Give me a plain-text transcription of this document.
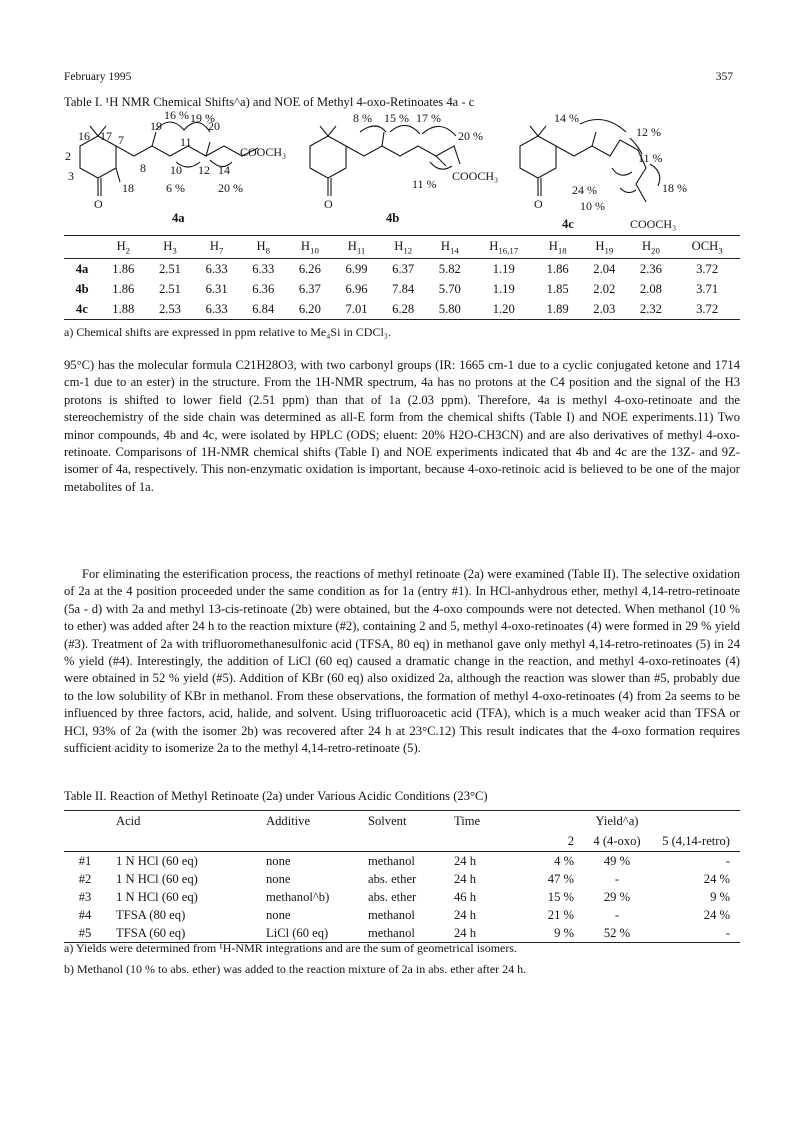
February 1995	357
Table I. ¹H NMR Chemical Shifts^a) and NOE of Methyl 4-oxo-Retinoates 4a - c
16 17 7
2
3
18
8 10 12 14
19	20
11
16 % 19 %
6 %	20 %
COOCH₃
O
8 % 15 % 17 %
20 %
11 %
COOCH₃
O
14 %
12 %
11 %
24 %
10 %
18 %
COOCH₃
O
4a	4b	4c
	$H_2$	$H_3$	$H_7$	$H_8$	$H_{10}$	$H_{11}$	$H_{12}$	$H_{14}$	$H_{16,17}$	$H_{18}$	$H_{19}$	$H_{20}$	$OCH_3$
4a	1.86	2.51	6.33	6.33	6.26	6.99	6.37	5.82	1.19	1.86	2.04	2.36	3.72
4b	1.86	2.51	6.31	6.36	6.37	6.96	7.84	5.70	1.19	1.85	2.02	2.08	3.71
4c	1.88	2.53	6.33	6.84	6.20	7.01	6.28	5.80	1.20	1.89	2.03	2.32	3.72
a) Chemical shifts are expressed in ppm relative to Me₄Si in CDCl₃.

95°C) has the molecular formula C21H28O3, with two carbonyl groups (IR: 1665 cm-1 due to a cyclic conjugated ketone and 1714 cm-1 due to an ester) in the structure. From the 1H-NMR spectrum, 4a has no protons at the C4 position and the signal of the H3 protons is shifted to lower field (2.51 ppm) than that of 1a (2.03 ppm). Therefore, 4a is methyl 4-oxo-retinoate and the stereochemistry of the side chain was determined as all-E form from the chemical shifts (Table I) and NOE experiments.11) Two minor compounds, 4b and 4c, were isolated by HPLC (ODS; eluent: 20% H2O-CH3CN) and are also derivatives of methyl 4-oxo-retinoate. Comparisons of 1H-NMR chemical shifts (Table I) and NOE experiments indicated that 4b and 4c are the 13Z- and 9Z-isomer of 4a, respectively. This non-enzymatic oxidation is important, because 4-oxo-retinoic acid is believed to be one of the major metabolites of 1a.

For eliminating the esterification process, the reactions of methyl retinoate (2a) were examined (Table II). The selective oxidation of 2a at the 4 position proceeded under the same condition as for 1a (entry #1). In HCl-anhydrous ether, methyl 4,14-retro-retinoate (5a - d) with 2a and methyl 13-cis-retinoate (2b) were obtained, but the 4-oxo compounds were not detected. When methanol (10 % to ether) was added after 24 h to the reaction mixture (#2), containing 2 and 5, methyl 4-oxo-retinoates (4) were formed in 29 % yield (#3). Treatment of 2a with trifluoromethanesulfonic acid (TFSA, 80 eq) in methanol gave only methyl 4,14-retro-retinoates (5) in 24 % yield (#4). Interestingly, the addition of LiCl (60 eq) caused a dramatic change in the reaction, and methyl 4-oxo-retinoates (4) were obtained in 52 % yield (#5). Addition of KBr (60 eq) also oxidized 2a, although the reaction was slower than #5, probably due to the low solubility of KBr in methanol. From these observations, the formation of methyl 4-oxo-retinoates (4) from 2a seems to be influenced by three factors, acid, halide, and solvent. Using trifluoroacetic acid (TFA), which is a much weaker acid than TFSA or HCl, 93% of 2a (with the isomer 2b) was recovered after 24 h at 23°C.12) This result indicates that the 4-oxo formation requires sufficient acidity to isomerize 2a to the methyl 4,14-retro-retinoate (5).

Table II. Reaction of Methyl Retinoate (2a) under Various Acidic Conditions (23°C)
	Acid	Additive	Solvent	Time		Yield^a)	
					2	4 (4-oxo)	5 (4,14-retro)
#1	1 N HCl (60 eq)	none	methanol	24 h	4 %	49 %	-
#2	1 N HCl (60 eq)	none	abs. ether	24 h	47 %	-	24 %
#3	1 N HCl (60 eq)	methanol^b)	abs. ether	46 h	15 %	29 %	9 %
#4	TFSA (80 eq)	none	methanol	24 h	21 %	-	24 %
#5	TFSA (60 eq)	LiCl (60 eq)	methanol	24 h	9 %	52 %	-
a) Yields were determined from ¹H-NMR integrations and are the sum of geometrical isomers.
b) Methanol (10 % to abs. ether) was added to the reaction mixture of 2a in abs. ether after 24 h.
